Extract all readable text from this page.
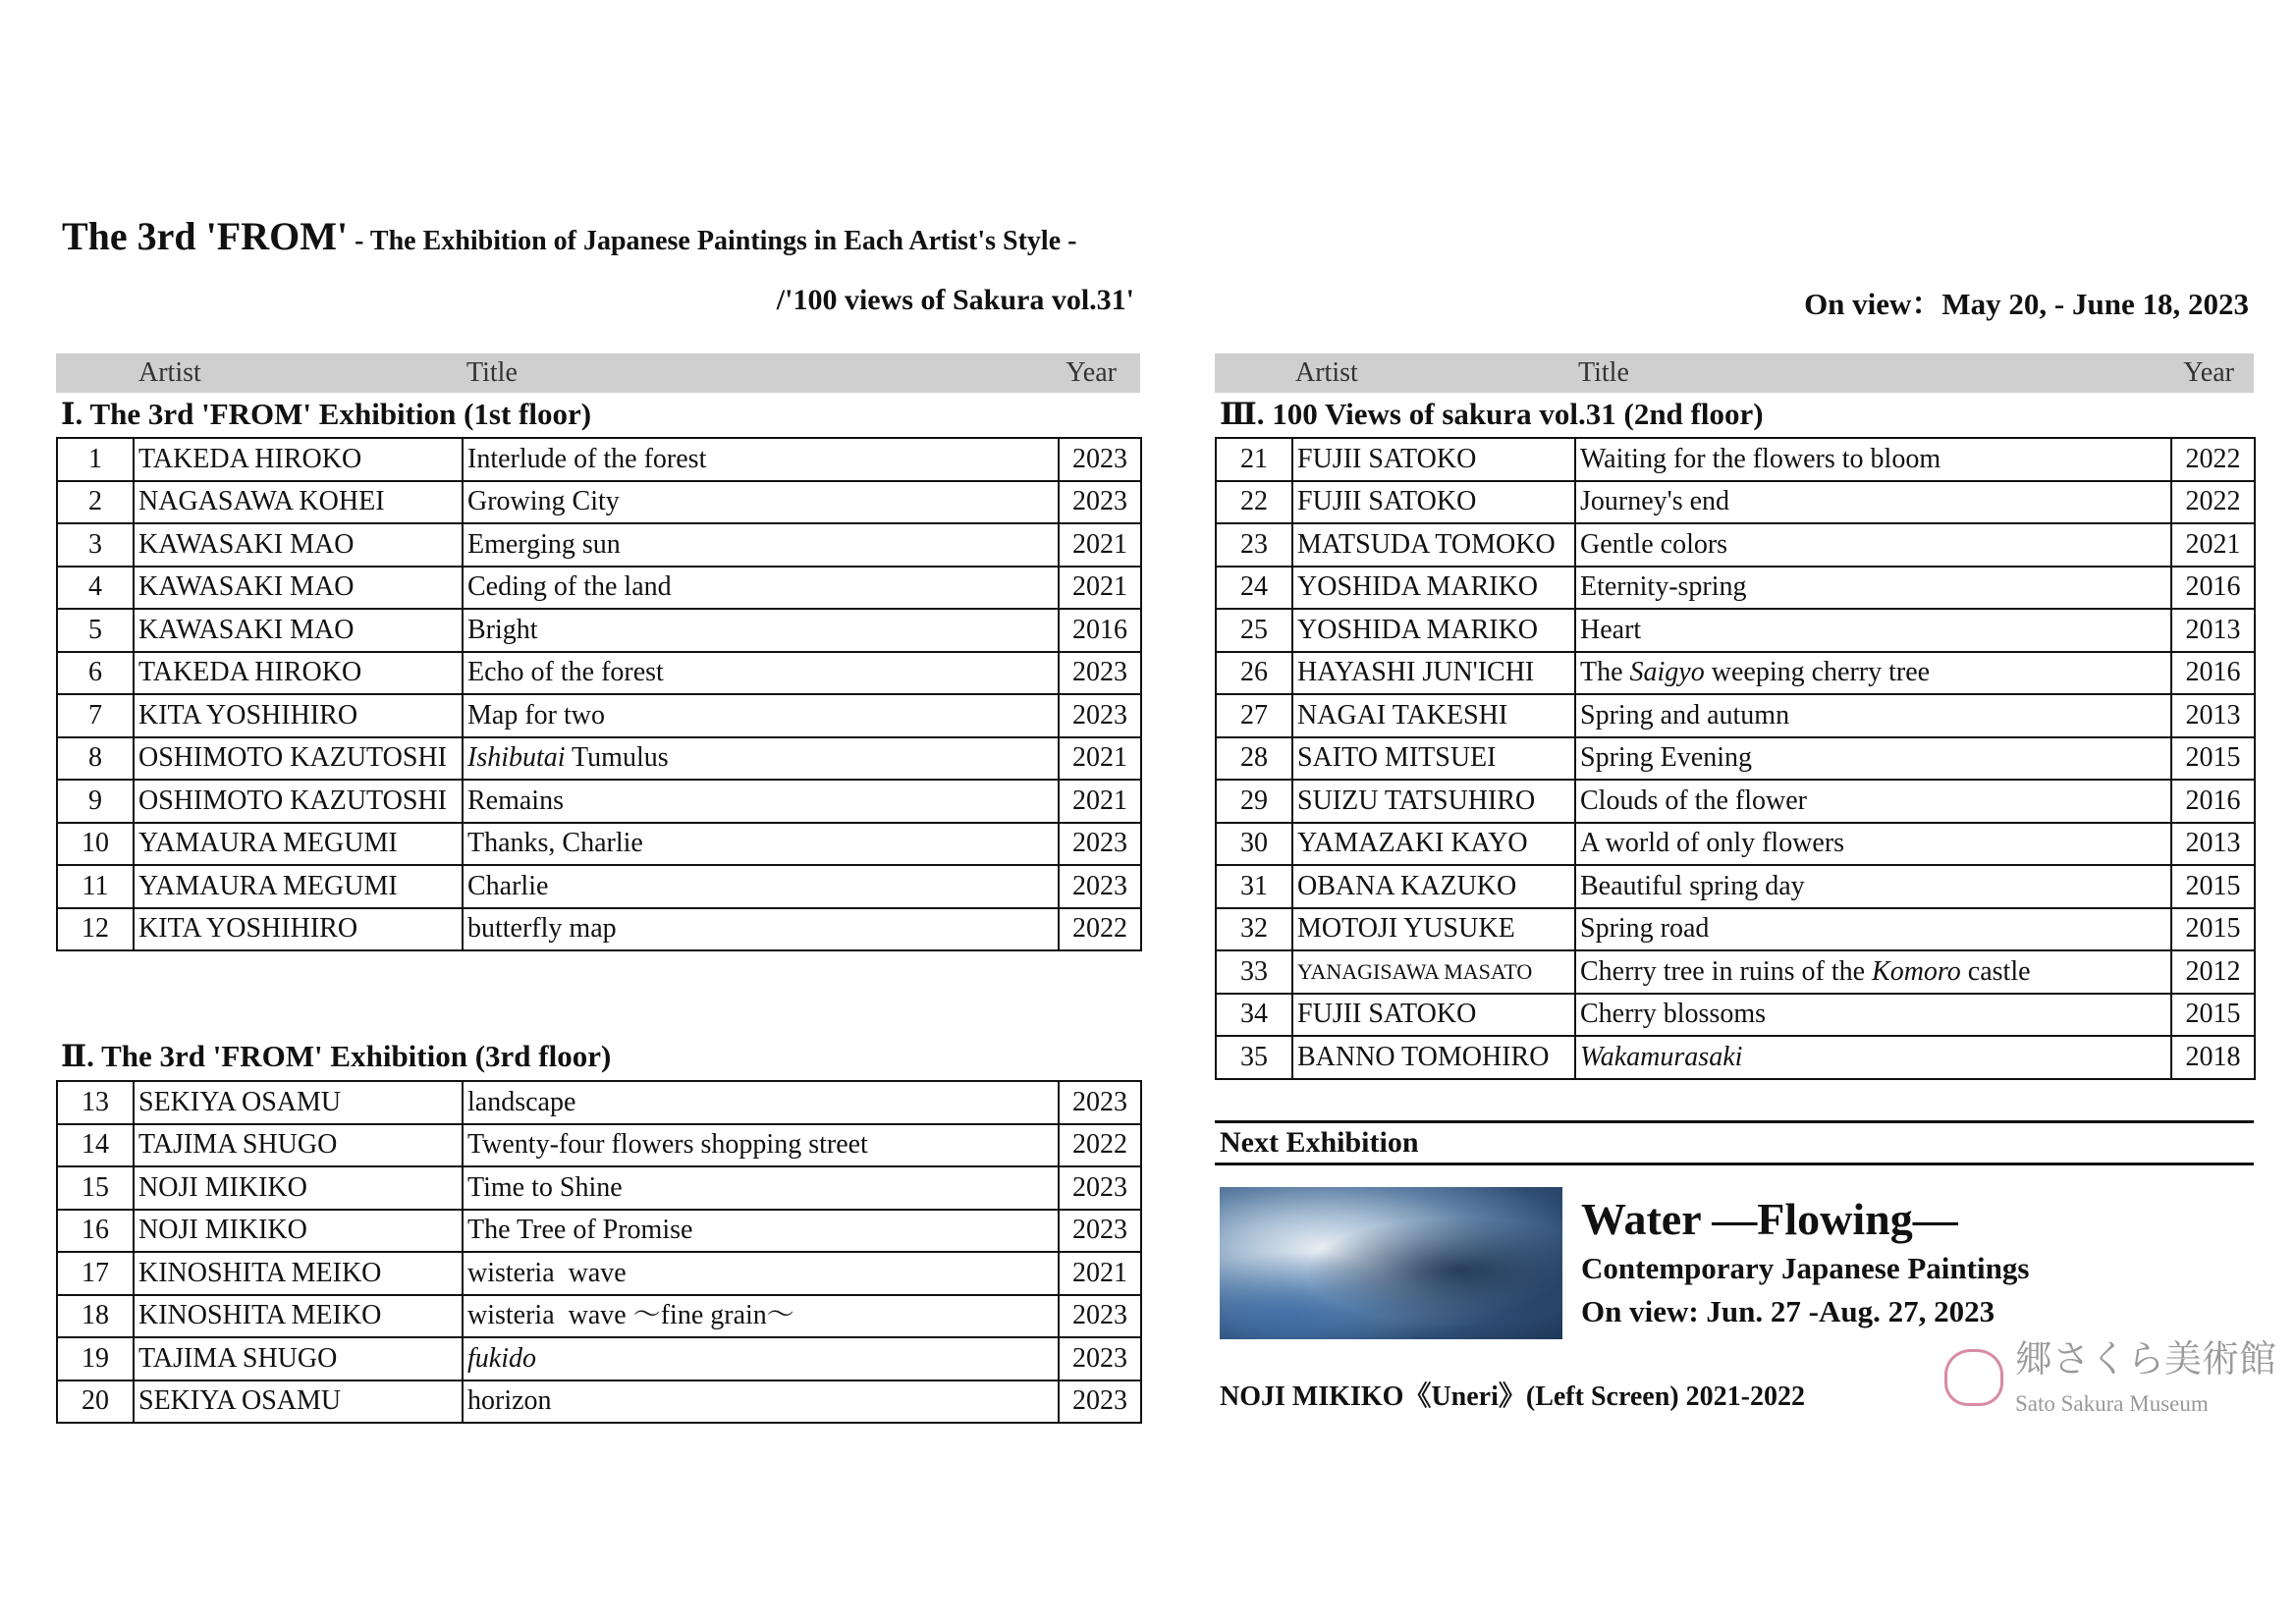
The 3rd 'FROM' - The Exhibition of Japanese Paintings in Each Artist's Style -
/'100 views of Sakura vol.31'	On view：May 20, - June 18, 2023
Artist	Title	Year	Artist	Title	Year
Ⅰ. The 3rd 'FROM' Exhibition (1st floor)
Ⅱ. The 3rd 'FROM' Exhibition (3rd floor)
Ⅲ. 100 Views of sakura vol.31 (2nd floor)
1	TAKEDA HIROKO	Interlude of the forest	2023
2	NAGASAWA KOHEI	Growing City	2023
3	KAWASAKI MAO	Emerging sun	2021
4	KAWASAKI MAO	Ceding of the land	2021
5	KAWASAKI MAO	Bright	2016
6	TAKEDA HIROKO	Echo of the forest	2023
7	KITA YOSHIHIRO	Map for two	2023
8	OSHIMOTO KAZUTOSHI	Ishibutai Tumulus	2021
9	OSHIMOTO KAZUTOSHI	Remains	2021
10	YAMAURA MEGUMI	Thanks, Charlie	2023
11	YAMAURA MEGUMI	Charlie	2023
12	KITA YOSHIHIRO	butterfly map	2022
13	SEKIYA OSAMU	landscape	2023
14	TAJIMA SHUGO	Twenty-four flowers shopping street	2022
15	NOJI MIKIKO	Time to Shine	2023
16	NOJI MIKIKO	The Tree of Promise	2023
17	KINOSHITA MEIKO	wisteria  wave	2021
18	KINOSHITA MEIKO	wisteria  wave 〜fine grain〜	2023
19	TAJIMA SHUGO	fukido	2023
20	SEKIYA OSAMU	horizon	2023
21	FUJII SATOKO	Waiting for the flowers to bloom	2022
22	FUJII SATOKO	Journey's end	2022
23	MATSUDA TOMOKO	Gentle colors	2021
24	YOSHIDA MARIKO	Eternity-spring	2016
25	YOSHIDA MARIKO	Heart	2013
26	HAYASHI JUN'ICHI	The Saigyo weeping cherry tree	2016
27	NAGAI TAKESHI	Spring and autumn	2013
28	SAITO MITSUEI	Spring Evening	2015
29	SUIZU TATSUHIRO	Clouds of the flower	2016
30	YAMAZAKI KAYO	A world of only flowers	2013
31	OBANA KAZUKO	Beautiful spring day	2015
32	MOTOJI YUSUKE	Spring road	2015
33	YANAGISAWA MASATO	Cherry tree in ruins of the Komoro castle	2012
34	FUJII SATOKO	Cherry blossoms	2015
35	BANNO TOMOHIRO	Wakamurasaki	2018
Next Exhibition
Water —Flowing—
Contemporary Japanese Paintings
On view: Jun. 27 -Aug. 27, 2023
NOJI MIKIKO《Uneri》(Left Screen) 2021-2022
郷さくら美術館
Sato Sakura Museum
